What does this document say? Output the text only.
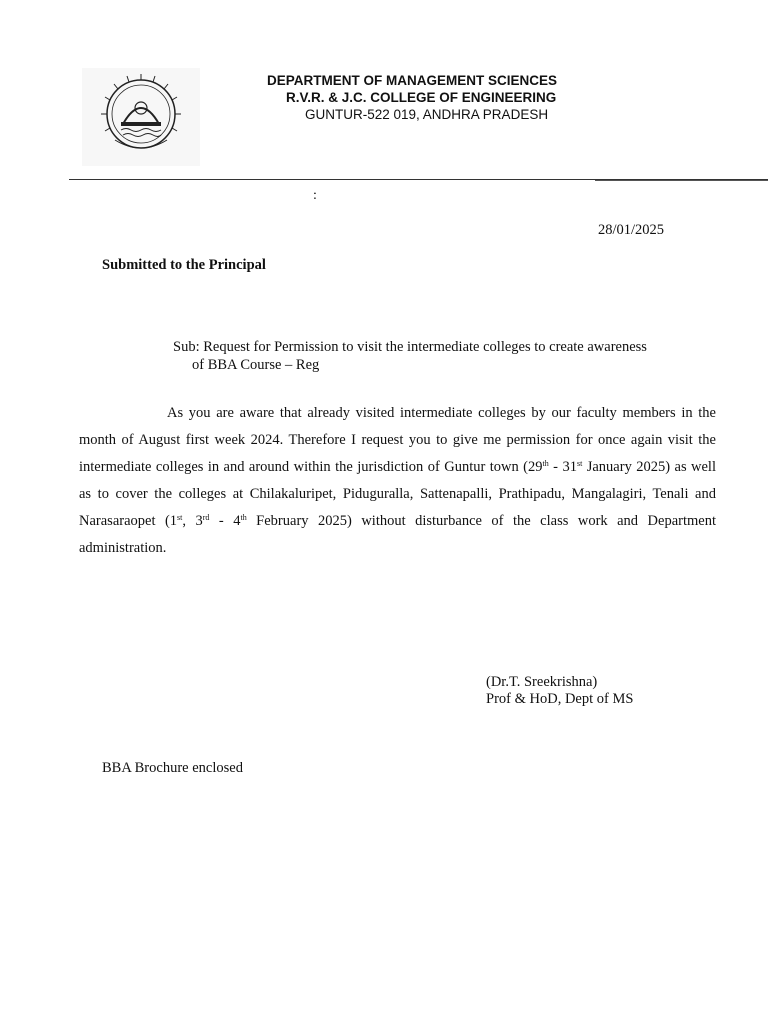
DEPARTMENT OF MANAGEMENT SCIENCES
R.V.R. & J.C. COLLEGE OF ENGINEERING
GUNTUR-522 019, ANDHRA PRADESH
:
28/01/2025
Submitted to the Principal
Sub: Request for Permission to visit the intermediate colleges to create awareness
of BBA Course – Reg
As you are aware that already visited intermediate colleges by our faculty members in the month of August first week 2024. Therefore I request you to give me permission for once again visit the intermediate colleges in and around within the jurisdiction of Guntur town (29th - 31st January 2025) as well as to cover the colleges at Chilakaluripet, Piduguralla, Sattenapalli, Prathipadu, Mangalagiri, Tenali and Narasaraopet (1st, 3rd - 4th February 2025) without disturbance of the class work and Department administration.
(Dr.T. Sreekrishna)
Prof & HoD, Dept of MS
BBA Brochure enclosed
